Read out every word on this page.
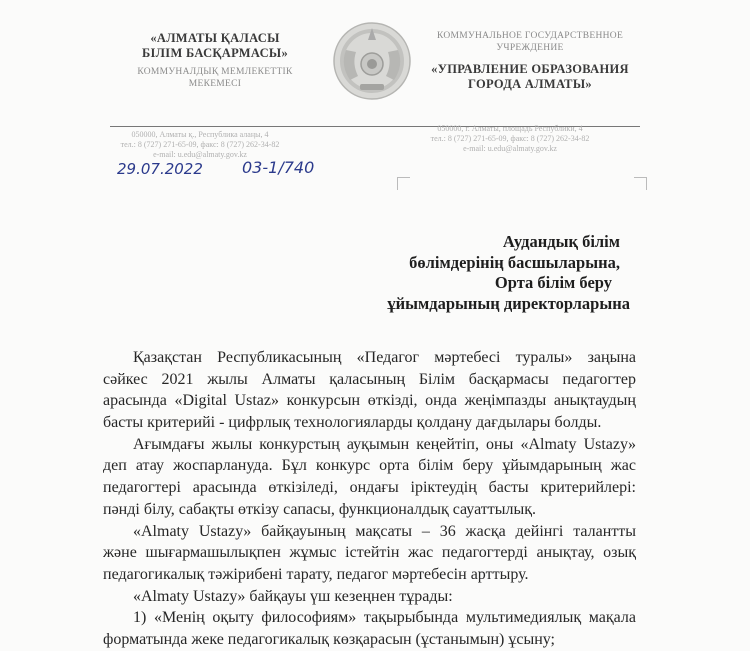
«АЛМАТЫ ҚАЛАСЫ
БІЛІМ БАСҚАРМАСЫ»
КОММУНАЛДЫҚ МЕМЛЕКЕТТІК
МЕКЕМЕСІ
КОММУНАЛЬНОЕ ГОСУДАРСТВЕННОЕ
УЧРЕЖДЕНИЕ
«УПРАВЛЕНИЕ ОБРАЗОВАНИЯ
ГОРОДА АЛМАТЫ»
050000, Алматы қ., Республика алаңы, 4
тел.: 8 (727) 271-65-09, факс: 8 (727) 262-34-82
e-mail: u.edu@almaty.gov.kz
050000, г. Алматы, площадь Республики, 4
тел.: 8 (727) 271-65-09, факс: 8 (727) 262-34-82
e-mail: u.edu@almaty.gov.kz
29.07.2022 03-1/740
Аудандық білім
бөлімдерінің басшыларына,
Орта білім беру
ұйымдарының директорларына
Қазақстан Республикасының «Педагог мәртебесі туралы» заңына
сәйкес 2021 жылы Алматы қаласының Білім басқармасы педагогтер
арасында «Digital Ustaz» конкурсын өткізді, онда жеңімпазды анықтаудың
басты критерийі - цифрлық технологияларды қолдану дағдылары болды.
Ағымдағы жылы конкурстың ауқымын кеңейтіп, оны «Almaty Ustazy»
деп атау жоспарлануда. Бұл конкурс орта білім беру ұйымдарының жас
педагогтері арасында өткізіледі, ондағы іріктеудің басты критерийлері:
пәнді білу, сабақты өткізу сапасы, функционалдық сауаттылық.
«Almaty Ustazy» байқауының мақсаты – 36 жасқа дейінгі талантты
және шығармашылықпен жұмыс істейтін жас педагогтерді анықтау, озық
педагогикалық тәжірибені тарату, педагог мәртебесін арттыру.
«Almaty Ustazy» байқауы үш кезеңнен тұрады:
1) «Менің оқыту философиям» тақырыбында мультимедиялық мақала
форматында жеке педагогикалық көзқарасын (ұстанымын) ұсыну;
